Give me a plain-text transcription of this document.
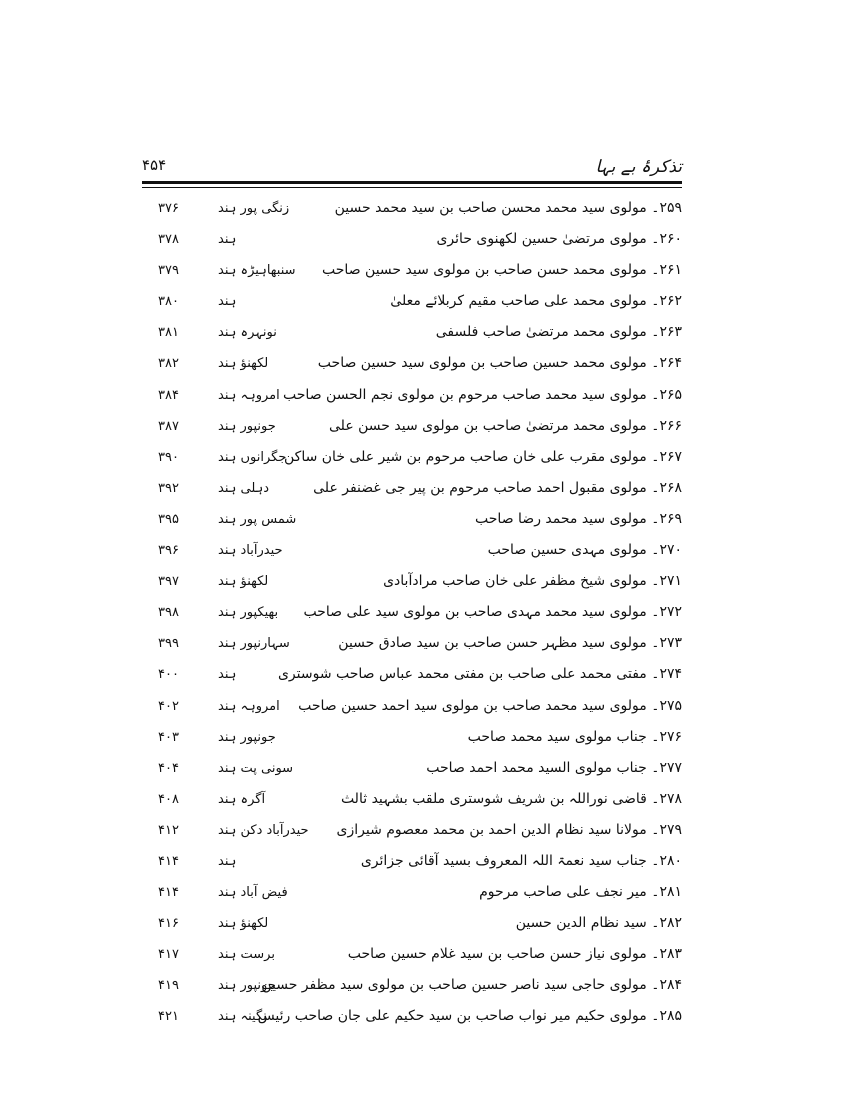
تذکرۂ بے بہا
۴۵۴
۲۵۹۔ مولوی سید محمد محسن صاحب بن سید محمد حسین
زنگی پور ہند
۳۷۶
۲۶۰۔ مولوی مرتضیٰ حسین لکھنوی حائری
ہند
۳۷۸
۲۶۱۔ مولوی محمد حسن صاحب بن مولوی سید حسین صاحب
سنبھاہیڑہ ہند
۳۷۹
۲۶۲۔ مولوی محمد علی صاحب مقیم کربلائے معلیٰ
ہند
۳۸۰
۲۶۳۔ مولوی محمد مرتضیٰ صاحب فلسفی
نونہرہ ہند
۳۸۱
۲۶۴۔ مولوی محمد حسین صاحب بن مولوی سید حسین صاحب
لکھنؤ ہند
۳۸۲
۲۶۵۔ مولوی سید محمد صاحب مرحوم بن مولوی نجم الحسن صاحب
امروہہ ہند
۳۸۴
۲۶۶۔ مولوی محمد مرتضیٰ صاحب بن مولوی سید حسن علی
جونپور ہند
۳۸۷
۲۶۷۔ مولوی مقرب علی خان صاحب مرحوم بن شیر علی خان ساکن
جگرانوں ہند
۳۹۰
۲۶۸۔ مولوی مقبول احمد صاحب مرحوم بن پیر جی غضنفر علی
دہلی ہند
۳۹۲
۲۶۹۔ مولوی سید محمد رضا صاحب
شمس پور ہند
۳۹۵
۲۷۰۔ مولوی مہدی حسین صاحب
حیدرآباد ہند
۳۹۶
۲۷۱۔ مولوی شیخ مظفر علی خان صاحب مرادآبادی
لکھنؤ ہند
۳۹۷
۲۷۲۔ مولوی سید محمد مہدی صاحب بن مولوی سید علی صاحب
بھیکپور ہند
۳۹۸
۲۷۳۔ مولوی سید مظہر حسن صاحب بن سید صادق حسین
سہارنپور ہند
۳۹۹
۲۷۴۔ مفتی محمد علی صاحب بن مفتی محمد عباس صاحب شوستری
ہند
۴۰۰
۲۷۵۔ مولوی سید محمد صاحب بن مولوی سید احمد حسین صاحب
امروہہ ہند
۴۰۲
۲۷۶۔ جناب مولوی سید محمد صاحب
جونپور ہند
۴۰۳
۲۷۷۔ جناب مولوی السید محمد احمد صاحب
سونی پت ہند
۴۰۴
۲۷۸۔ قاضی نوراللہ بن شریف شوستری ملقب بشہید ثالث
آگرہ ہند
۴۰۸
۲۷۹۔ مولانا سید نظام الدین احمد بن محمد معصوم شیرازی
حیدرآباد دکن ہند
۴۱۲
۲۸۰۔ جناب سید نعمۃ اللہ المعروف بسید آقائی جزائری
ہند
۴۱۴
۲۸۱۔ میر نجف علی صاحب مرحوم
فیض آباد ہند
۴۱۴
۲۸۲۔ سید نظام الدین حسین
لکھنؤ ہند
۴۱۶
۲۸۳۔ مولوی نیاز حسن صاحب بن سید غلام حسین صاحب
برست ہند
۴۱۷
۲۸۴۔ مولوی حاجی سید ناصر حسین صاحب بن مولوی سید مظفر حسین
جونپور ہند
۴۱۹
۲۸۵۔ مولوی حکیم میر نواب صاحب بن سید حکیم علی جان صاحب رئیس
نگینہ ہند
۴۲۱
